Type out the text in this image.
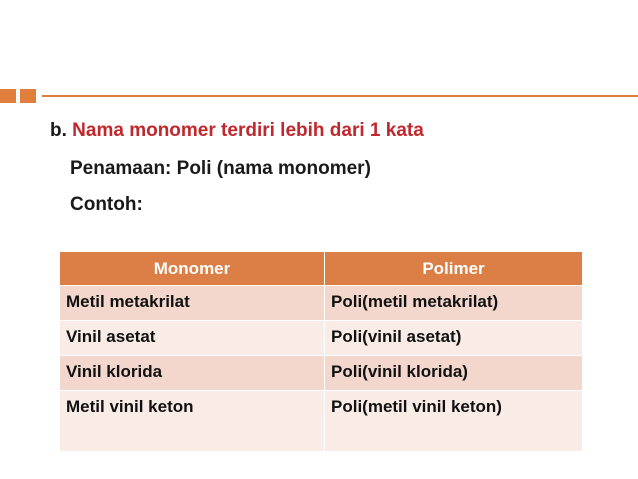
b. Nama monomer terdiri lebih dari 1 kata
Penamaan: Poli (nama monomer)
Contoh:
Monomer	Polimer
Metil metakrilat	Poli(metil metakrilat)
Vinil asetat	Poli(vinil asetat)
Vinil klorida	Poli(vinil klorida)
Metil vinil keton	Poli(metil vinil keton)
